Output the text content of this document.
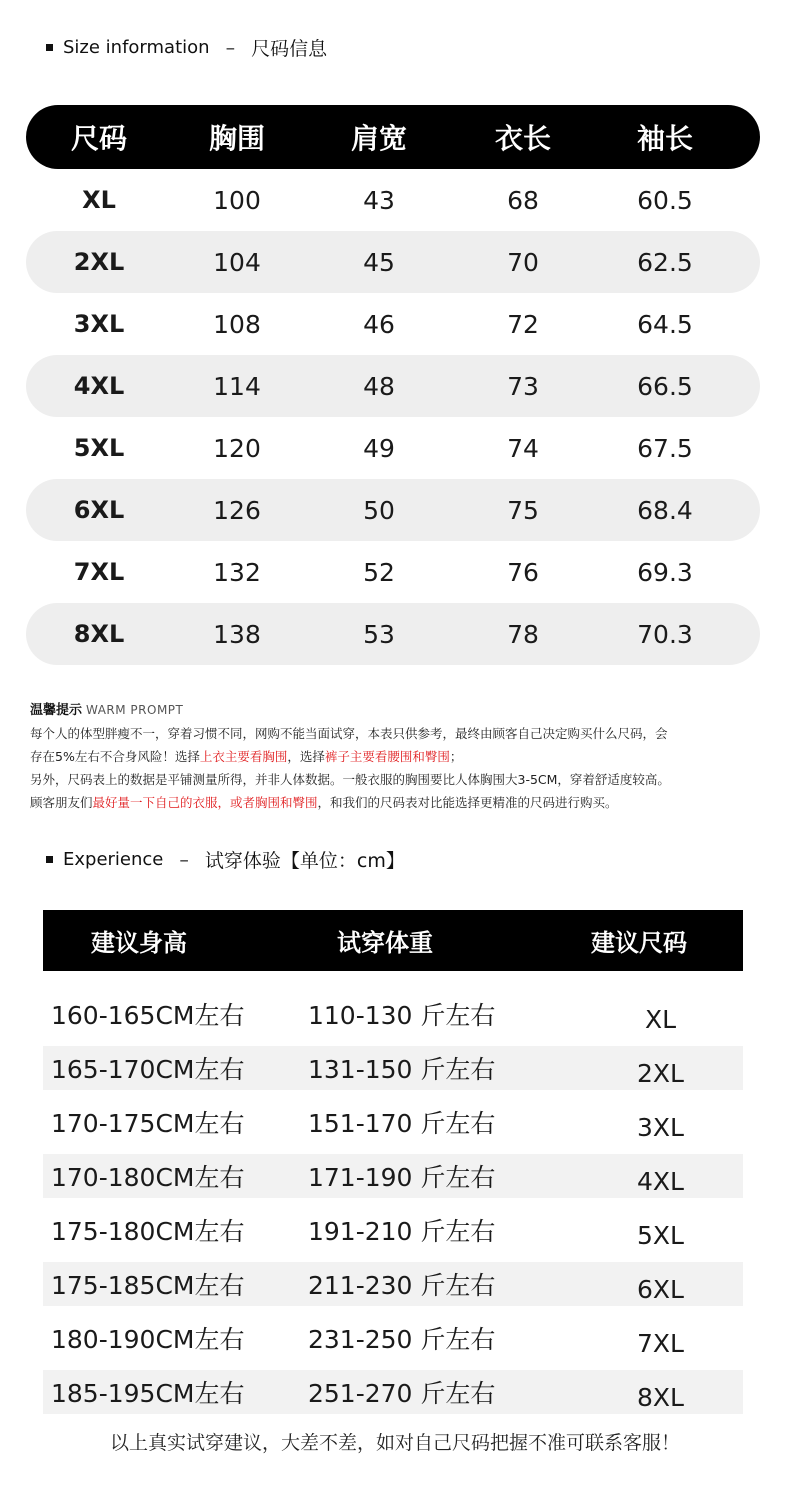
Size information – 尺码信息
尺码	胸围	肩宽	衣长	袖长
XL	100	43	68	60.5
2XL	104	45	70	62.5
3XL	108	46	72	64.5
4XL	114	48	73	66.5
5XL	120	49	74	67.5
6XL	126	50	75	68.4
7XL	132	52	76	69.3
8XL	138	53	78	70.3
温馨提示 WARM PROMPT
每个人的体型胖瘦不一，穿着习惯不同，网购不能当面试穿，本表只供参考，最终由顾客自己决定购买什么尺码，会
存在5%左右不合身风险！选择上衣主要看胸围，选择裤子主要看腰围和臀围；
另外，尺码表上的数据是平铺测量所得，并非人体数据。一般衣服的胸围要比人体胸围大3-5CM，穿着舒适度较高。
顾客朋友们最好量一下自己的衣服，或者胸围和臀围，和我们的尺码表对比能选择更精准的尺码进行购买。
Experience – 试穿体验【单位：cm】
建议身高	试穿体重	建议尺码
160-165CM左右	110-130 斤左右	XL
165-170CM左右	131-150 斤左右	2XL
170-175CM左右	151-170 斤左右	3XL
170-180CM左右	171-190 斤左右	4XL
175-180CM左右	191-210 斤左右	5XL
175-185CM左右	211-230 斤左右	6XL
180-190CM左右	231-250 斤左右	7XL
185-195CM左右	251-270 斤左右	8XL
以上真实试穿建议，大差不差，如对自己尺码把握不准可联系客服！
